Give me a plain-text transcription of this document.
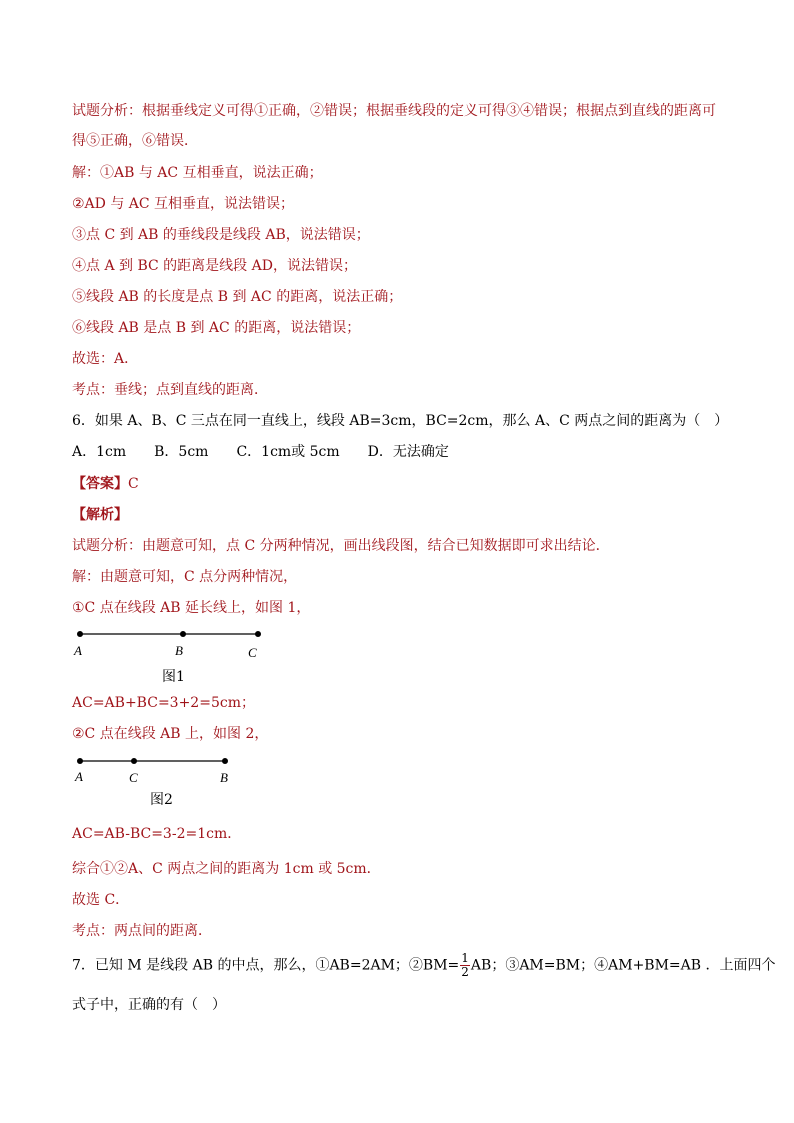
试题分析：根据垂线定义可得①正确，②错误；根据垂线段的定义可得③④错误；根据点到直线的距离可
得⑤正确，⑥错误．
解：①AB 与 AC 互相垂直，说法正确；
②AD 与 AC 互相垂直，说法错误；
③点 C 到 AB 的垂线段是线段 AB，说法错误；
④点 A 到 BC 的距离是线段 AD，说法错误；
⑤线段 AB 的长度是点 B 到 AC 的距离，说法正确；
⑥线段 AB 是点 B 到 AC 的距离，说法错误；
故选：A．
考点：垂线；点到直线的距离．
6．如果 A、B、C 三点在同一直线上，线段 AB=3cm，BC=2cm，那么 A、C 两点之间的距离为（　）
A．1cm　　B．5cm　　C．1cm或 5cm　　D．无法确定
【答案】C
【解析】
试题分析：由题意可知，点 C 分两种情况，画出线段图，结合已知数据即可求出结论．
解：由题意可知，C 点分两种情况，
①C 点在线段 AB 延长线上，如图 1，
A	B	C
图1
AC=AB+BC=3+2=5cm；
②C 点在线段 AB 上，如图 2，
A	C	B
图2
AC=AB-BC=3-2=1cm．
综合①②A、C 两点之间的距离为 1cm 或 5cm．
故选 C．
考点：两点间的距离．
7．已知 M 是线段 AB 的中点，那么，①AB=2AM；②BM= $\frac{1}{2}$ AB；③AM=BM；④AM+BM=AB ．上面四个
式子中，正确的有（　）
